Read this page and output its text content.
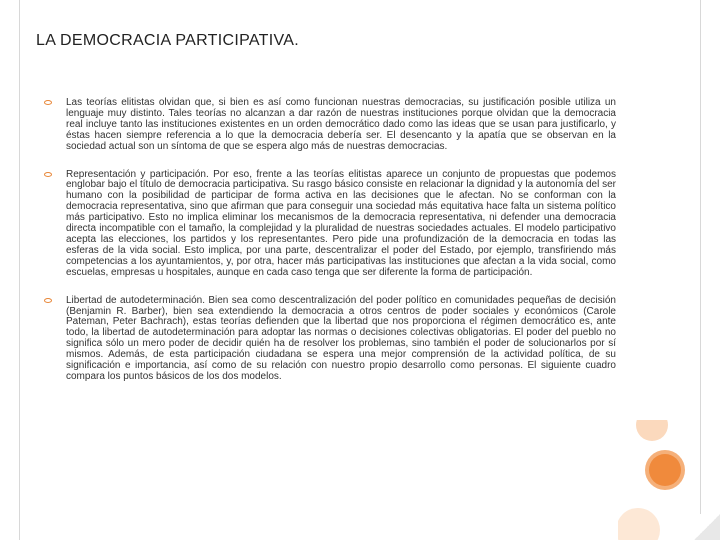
LA DEMOCRACIA PARTICIPATIVA.

Las teorías elitistas olvidan que, si bien es así como funcionan nuestras democracias, su justificación posible utiliza un lenguaje muy distinto. Tales teorías no alcanzan a dar razón de nuestras instituciones porque olvidan que la democracia real incluye tanto las instituciones existentes en un orden democrático dado como las ideas que se usan para justificarlo, y éstas hacen siempre referencia a lo que la democracia debería ser. El desencanto y la apatía que se observan en la sociedad actual son un síntoma de que se espera algo más de nuestras democracias.

Representación y participación. Por eso, frente a las teorías elitistas aparece un conjunto de propuestas que podemos englobar bajo el título de democracia participativa. Su rasgo básico consiste en relacionar la dignidad y la autonomía del ser humano con la posibilidad de participar de forma activa en las decisiones que le afectan. No se conforman con la democracia representativa, sino que afirman que para conseguir una sociedad más equitativa hace falta un sistema político más participativo. Esto no implica eliminar los mecanismos de la democracia representativa, ni defender una democracia directa incompatible con el tamaño, la complejidad y la pluralidad de nuestras sociedades actuales. El modelo participativo acepta las elecciones, los partidos y los representantes. Pero pide una profundización de la democracia en todas las esferas de la vida social. Esto implica, por una parte, descentralizar el poder del Estado, por ejemplo, transfiriendo más competencias a los ayuntamientos, y, por otra, hacer más participativas las instituciones que afectan a la vida social, como escuelas, empresas u hospitales, aunque en cada caso tenga que ser diferente la forma de participación.

Libertad de autodeterminación. Bien sea como descentralización del poder político en comunidades pequeñas de decisión (Benjamin R. Barber), bien sea extendiendo la democracia a otros centros de poder sociales y económicos (Carole Pateman, Peter Bachrach), estas teorías defienden que la libertad que nos proporciona el régimen democrático es, ante todo, la libertad de autodeterminación para adoptar las normas o decisiones colectivas obligatorias. El poder del pueblo no significa sólo un mero poder de decidir quién ha de resolver los problemas, sino también el poder de solucionarlos por sí mismos. Además, de esta participación ciudadana se espera una mejor comprensión de la actividad política, de su significación e importancia, así como de su relación con nuestro propio desarrollo como personas. El siguiente cuadro compara los puntos básicos de los dos modelos.
